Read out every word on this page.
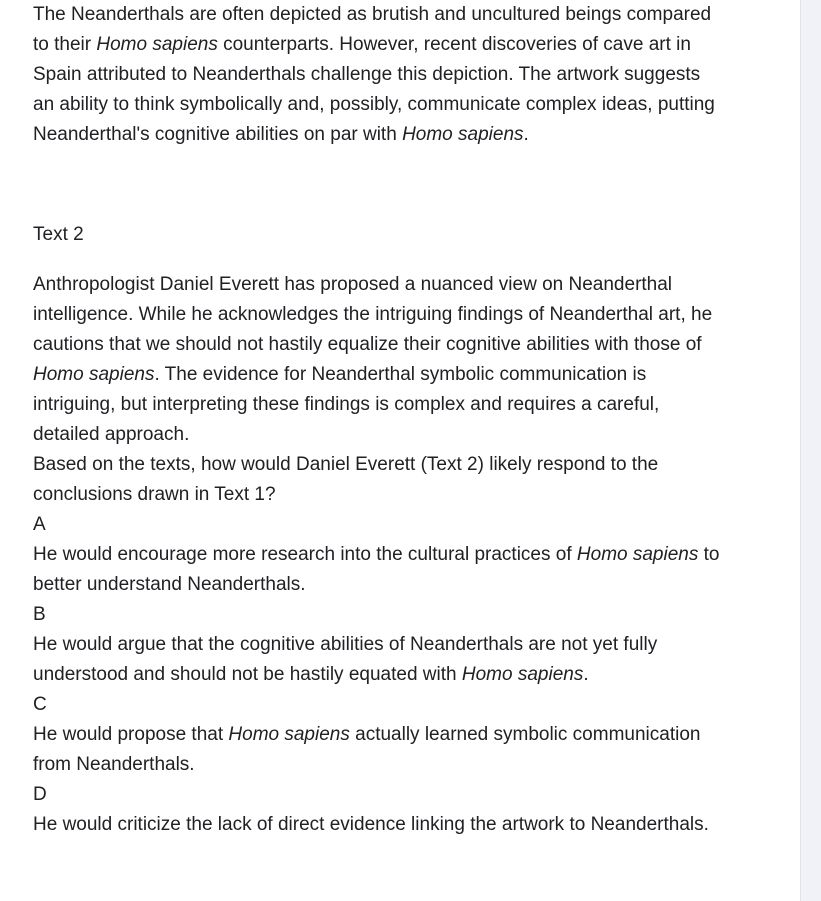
The Neanderthals are often depicted as brutish and uncultured beings compared to their Homo sapiens counterparts. However, recent discoveries of cave art in Spain attributed to Neanderthals challenge this depiction. The artwork suggests an ability to think symbolically and, possibly, communicate complex ideas, putting Neanderthal's cognitive abilities on par with Homo sapiens.

Text 2

Anthropologist Daniel Everett has proposed a nuanced view on Neanderthal intelligence. While he acknowledges the intriguing findings of Neanderthal art, he cautions that we should not hastily equalize their cognitive abilities with those of Homo sapiens. The evidence for Neanderthal symbolic communication is intriguing, but interpreting these findings is complex and requires a careful, detailed approach.

Based on the texts, how would Daniel Everett (Text 2) likely respond to the conclusions drawn in Text 1?

A

He would encourage more research into the cultural practices of Homo sapiens to better understand Neanderthals.

B

He would argue that the cognitive abilities of Neanderthals are not yet fully understood and should not be hastily equated with Homo sapiens.

C

He would propose that Homo sapiens actually learned symbolic communication from Neanderthals.

D

He would criticize the lack of direct evidence linking the artwork to Neanderthals.
